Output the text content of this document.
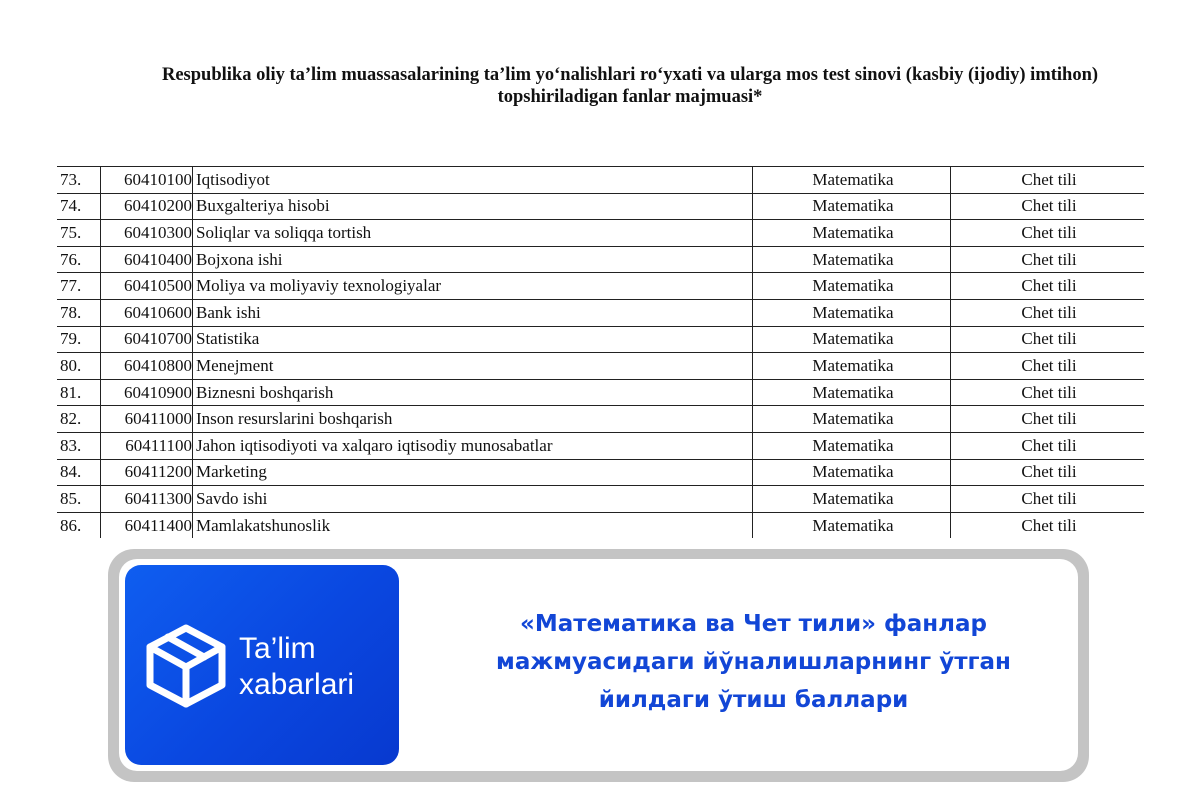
Respublika oliy ta’lim muassasalarining ta’lim yo‘nalishlari ro‘yxati va ularga mos test sinovi (kasbiy (ijodiy) imtihon)
topshiriladigan fanlar majmuasi*
73.	60410100	Iqtisodiyot	Matematika	Chet tili
74.	60410200	Buxgalteriya hisobi	Matematika	Chet tili
75.	60410300	Soliqlar va soliqqa tortish	Matematika	Chet tili
76.	60410400	Bojxona ishi	Matematika	Chet tili
77.	60410500	Moliya va moliyaviy texnologiyalar	Matematika	Chet tili
78.	60410600	Bank ishi	Matematika	Chet tili
79.	60410700	Statistika	Matematika	Chet tili
80.	60410800	Menejment	Matematika	Chet tili
81.	60410900	Biznesni boshqarish	Matematika	Chet tili
82.	60411000	Inson resurslarini boshqarish	Matematika	Chet tili
83.	60411100	Jahon iqtisodiyoti va xalqaro iqtisodiy munosabatlar	Matematika	Chet tili
84.	60411200	Marketing	Matematika	Chet tili
85.	60411300	Savdo ishi	Matematika	Chet tili
86.	60411400	Mamlakatshunoslik	Matematika	Chet tili
Ta’lim
xabarlari
«Математика ва Чет тили» фанлар
мажмуасидаги йўналишларнинг ўтган
йилдаги ўтиш баллари
